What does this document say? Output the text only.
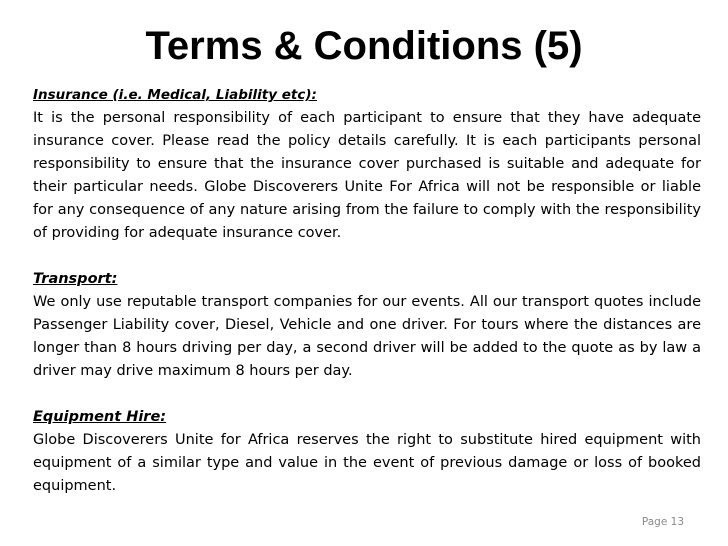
Terms & Conditions (5)
Insurance (i.e. Medical, Liability etc):

It is the personal responsibility of each participant to ensure that they have adequate insurance cover. Please read the policy details carefully. It is each participants personal responsibility to ensure that the insurance cover purchased is suitable and adequate for their particular needs. Globe Discoverers Unite For Africa will not be responsible or liable for any consequence of any nature arising from the failure to comply with the responsibility of providing for adequate insurance cover.

Transport:

We only use reputable transport companies for our events. All our transport quotes include Passenger Liability cover, Diesel, Vehicle and one driver. For tours where the distances are longer than 8 hours driving per day, a second driver will be added to the quote as by law a driver may drive maximum 8 hours per day.

Equipment Hire:

Globe Discoverers Unite for Africa reserves the right to substitute hired equipment with equipment of a similar type and value in the event of previous damage or loss of booked equipment.

Page 13
